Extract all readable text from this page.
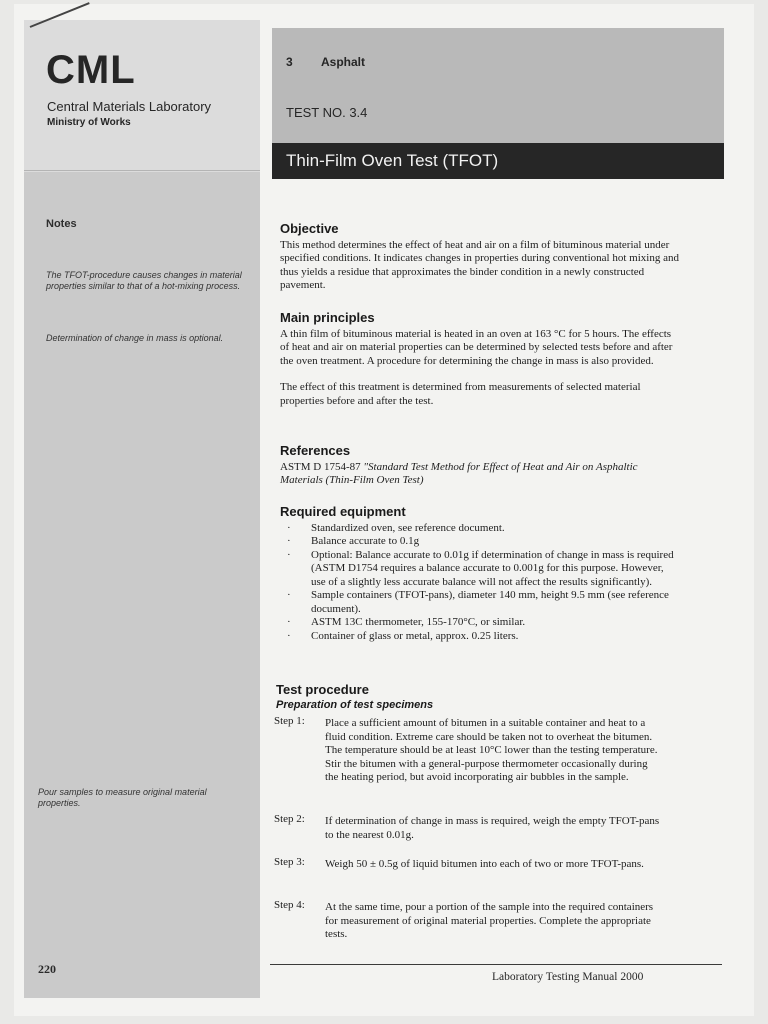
CML
Central Materials Laboratory
Ministry of Works
3 Asphalt
TEST NO. 3.4
Thin-Film Oven Test (TFOT)
Notes
The TFOT-procedure causes changes in material properties similar to that of a hot-mixing process.
Determination of change in mass is optional.
Pour samples to measure original material properties.
Objective

This method determines the effect of heat and air on a film of bituminous material under specified conditions. It indicates changes in properties during conventional hot mixing and thus yields a residue that approximates the binder condition in a newly constructed pavement.

Main principles

A thin film of bituminous material is heated in an oven at 163 °C for 5 hours. The effects of heat and air on material properties can be determined by selected tests before and after the oven treatment. A procedure for determining the change in mass is also provided.

The effect of this treatment is determined from measurements of selected material properties before and after the test.

References

ASTM D 1754-87 "Standard Test Method for Effect of Heat and Air on Asphaltic Materials (Thin-Film Oven Test)

Required equipment
· Standardized oven, see reference document.
· Balance accurate to 0.1g
· Optional: Balance accurate to 0.01g if determination of change in mass is required (ASTM D1754 requires a balance accurate to 0.001g for this purpose. However, use of a slightly less accurate balance will not affect the results significantly).
· Sample containers (TFOT-pans), diameter 140 mm, height 9.5 mm (see reference document).
· ASTM 13C thermometer, 155-170°C, or similar.
· Container of glass or metal, approx. 0.25 liters.
Test procedure
Preparation of test specimens
Step 1:	Place a sufficient amount of bitumen in a suitable container and heat to a fluid condition. Extreme care should be taken not to overheat the bitumen. The temperature should be at least 10°C lower than the testing temperature. Stir the bitumen with a general-purpose thermometer occasionally during the heating period, but avoid incorporating air bubbles in the sample.
Step 2:	If determination of change in mass is required, weigh the empty TFOT-pans to the nearest 0.01g.
Step 3:	Weigh 50 ± 0.5g of liquid bitumen into each of two or more TFOT-pans.
Step 4:	At the same time, pour a portion of the sample into the required containers for measurement of original material properties. Complete the appropriate tests.
220
Laboratory Testing Manual 2000
